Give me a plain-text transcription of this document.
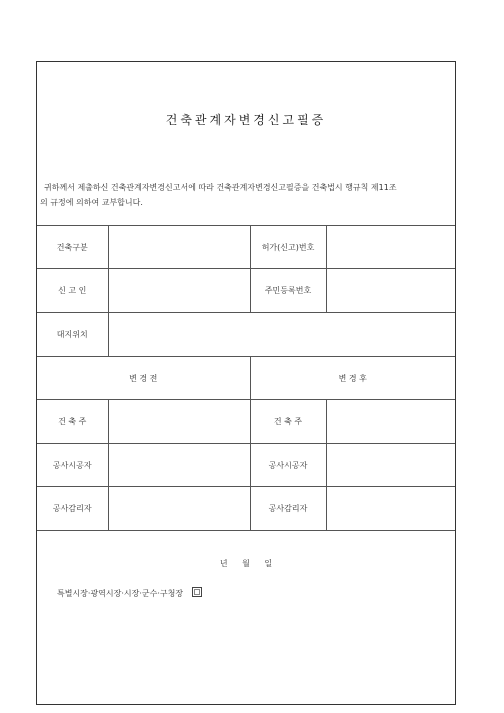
건축관계자변경신고필증
귀하께서 제출하신 건축관계자변경신고서에 따라 건축관계자변경신고필증을 건축법시 행규칙 제11조
의 규정에 의하여 교부합니다.
건축구분		허가(신고)번호	
신 고 인		주민등록번호	
대지위치			
변 경 전		변 경 후	
건 축 주		건 축 주	
공사시공자		공사시공자	
공사감리자		공사감리자	
년 월 일
특별시장·광역시장·시장·군수·구청장
